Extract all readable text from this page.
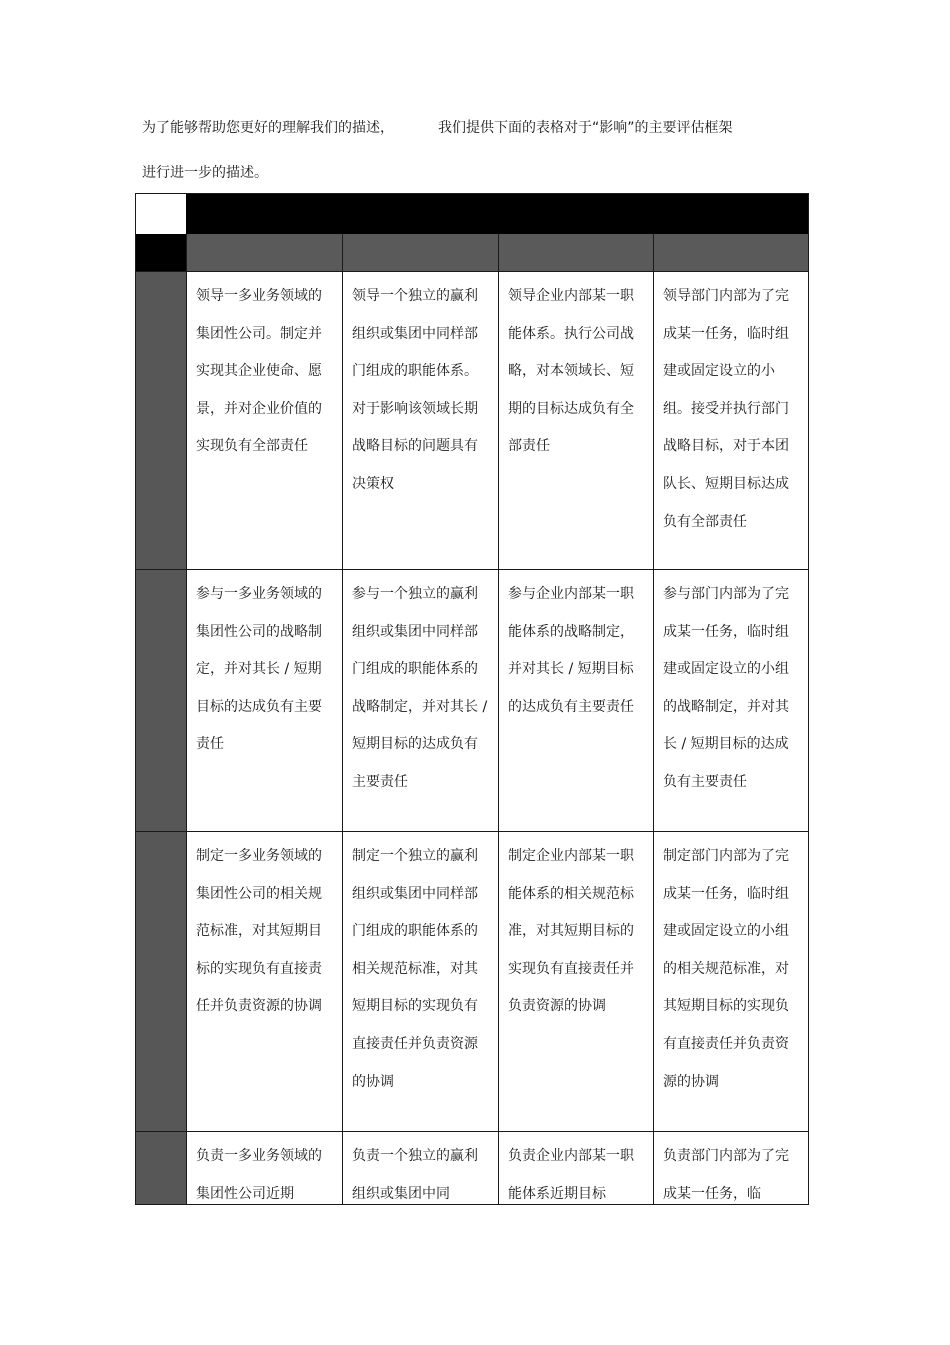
为了能够帮助您更好的理解我们的描述，	我们提供下面的表格对于“影响”的主要评估框架
进行进一步的描述。
领导一多业务领域的集团性公司。制定并实现其企业使命、愿景，并对企业价值的实现负有全部责任
领导一个独立的赢利组织或集团中同样部门组成的职能体系。对于影响该领域长期战略目标的问题具有决策权
领导企业内部某一职能体系。执行公司战略，对本领域长、短期的目标达成负有全部责任
领导部门内部为了完成某一任务，临时组建或固定设立的小组。接受并执行部门战略目标，对于本团队长、短期目标达成负有全部责任
参与一多业务领域的集团性公司的战略制定，并对其长 / 短期目标的达成负有主要责任
参与一个独立的赢利组织或集团中同样部门组成的职能体系的战略制定，并对其长 / 短期目标的达成负有主要责任
参与企业内部某一职能体系的战略制定，并对其长 / 短期目标的达成负有主要责任
参与部门内部为了完成某一任务，临时组建或固定设立的小组的战略制定，并对其长 / 短期目标的达成负有主要责任
制定一多业务领域的集团性公司的相关规范标准，对其短期目标的实现负有直接责任并负责资源的协调
制定一个独立的赢利组织或集团中同样部门组成的职能体系的相关规范标准，对其短期目标的实现负有直接责任并负责资源的协调
制定企业内部某一职能体系的相关规范标准，对其短期目标的实现负有直接责任并负责资源的协调
制定部门内部为了完成某一任务，临时组建或固定设立的小组的相关规范标准，对其短期目标的实现负有直接责任并负责资源的协调
负责一多业务领域的集团性公司近期
负责一个独立的赢利组织或集团中同
负责企业内部某一职能体系近期目标
负责部门内部为了完成某一任务，临
